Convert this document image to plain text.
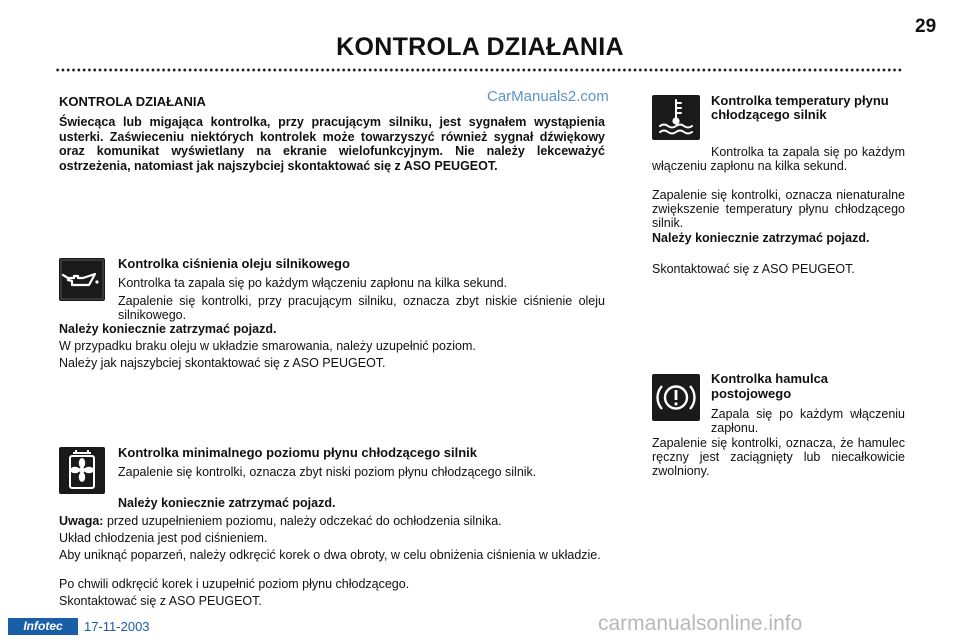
29
KONTROLA DZIAŁANIA
CarManuals2.com
KONTROLA DZIAŁANIA

Świecąca lub migająca kontrolka, przy pracującym silniku, jest sygnałem wystąpienia usterki. Zaświeceniu niektórych kontrolek może towarzyszyć również sygnał dźwiękowy oraz komunikat wyświetlany na ekranie wielofunkcyjnym. Nie należy lekceważyć ostrzeżenia, natomiast jak najszybciej skontaktować się z ASO PEUGEOT.

Kontrolka ciśnienia oleju silnikowego

Kontrolka ta zapala się po każdym włączeniu zapłonu na kilka sekund.

Zapalenie się kontrolki, przy pracującym silniku, oznacza zbyt niskie ciśnienie oleju silnikowego.

Należy koniecznie zatrzymać pojazd.

W przypadku braku oleju w układzie smarowania, należy uzupełnić poziom.

Należy jak najszybciej skontaktować się z ASO PEUGEOT.

Kontrolka minimalnego poziomu płynu chłodzącego silnik

Zapalenie się kontrolki, oznacza zbyt niski poziom płynu chłodzącego silnik.

Należy koniecznie zatrzymać pojazd.

Uwaga: przed uzupełnieniem poziomu, należy odczekać do ochłodzenia silnika.

Układ chłodzenia jest pod ciśnieniem.

Aby uniknąć poparzeń, należy odkręcić korek o dwa obroty, w celu obniżenia ciśnienia w układzie.

Po chwili odkręcić korek i uzupełnić poziom płynu chłodzącego.

Skontaktować się z ASO PEUGEOT.

Kontrolka temperatury płynu chłodzącego silnik

Kontrolka ta zapala się po każdym włączeniu zapłonu na kilka sekund.

Zapalenie się kontrolki, oznacza nienaturalne zwiększenie temperatury płynu chłodzącego silnik.

Należy koniecznie zatrzymać pojazd.

Skontaktować się z ASO PEUGEOT.

Kontrolka hamulca postojowego

Zapala się po każdym włączeniu zapłonu.

Zapalenie się kontrolki, oznacza, że hamulec ręczny jest zaciągnięty lub niecałkowicie zwolniony.

Infotec	17-11-2003	carmanualsonline.info
